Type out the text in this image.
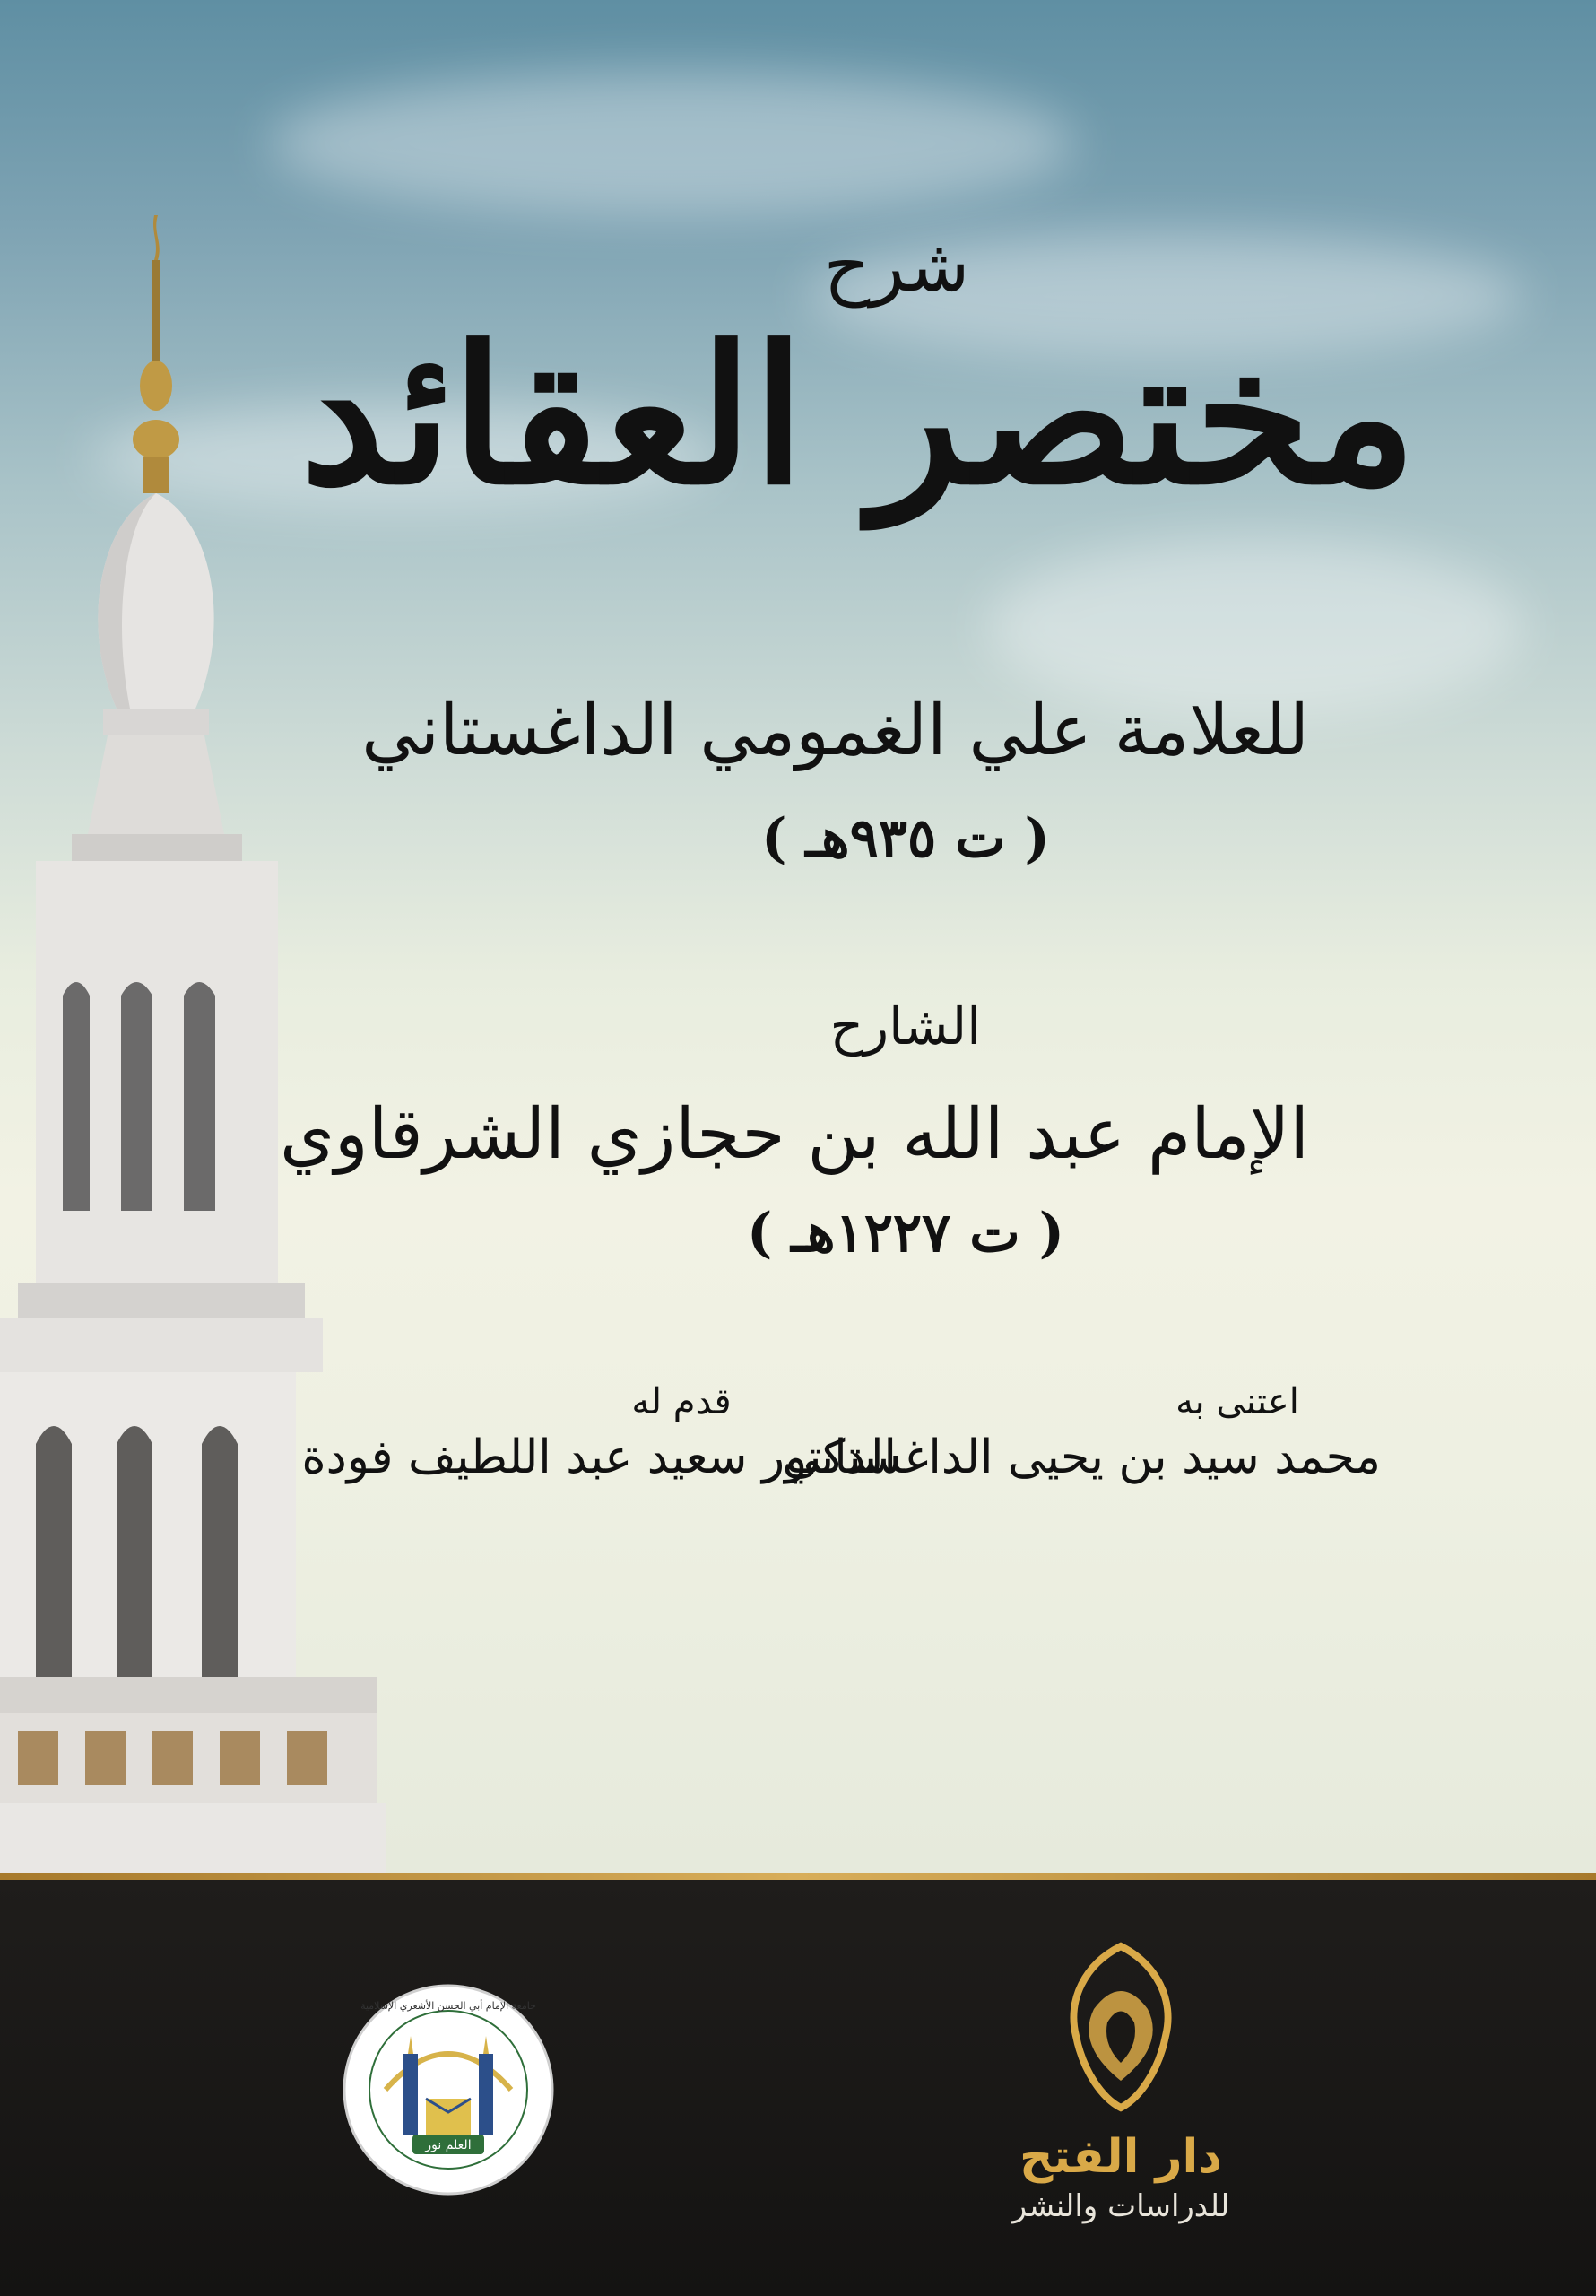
شرح
مختصر العقائد
للعلامة علي الغمومي الداغستاني
( ت ٩٣٥هـ )
الشارح
الإمام عبد الله بن حجازي الشرقاوي
( ت ١٢٢٧هـ )
اعتنى به
محمد سيد بن يحيى الداغستاني
قدم له
الدكتور سعيد عبد اللطيف فودة
العلم نور
جامعة الإمام أبي الحسن الأشعري الإسلامية
دار الفتح
للدراسات والنشر
